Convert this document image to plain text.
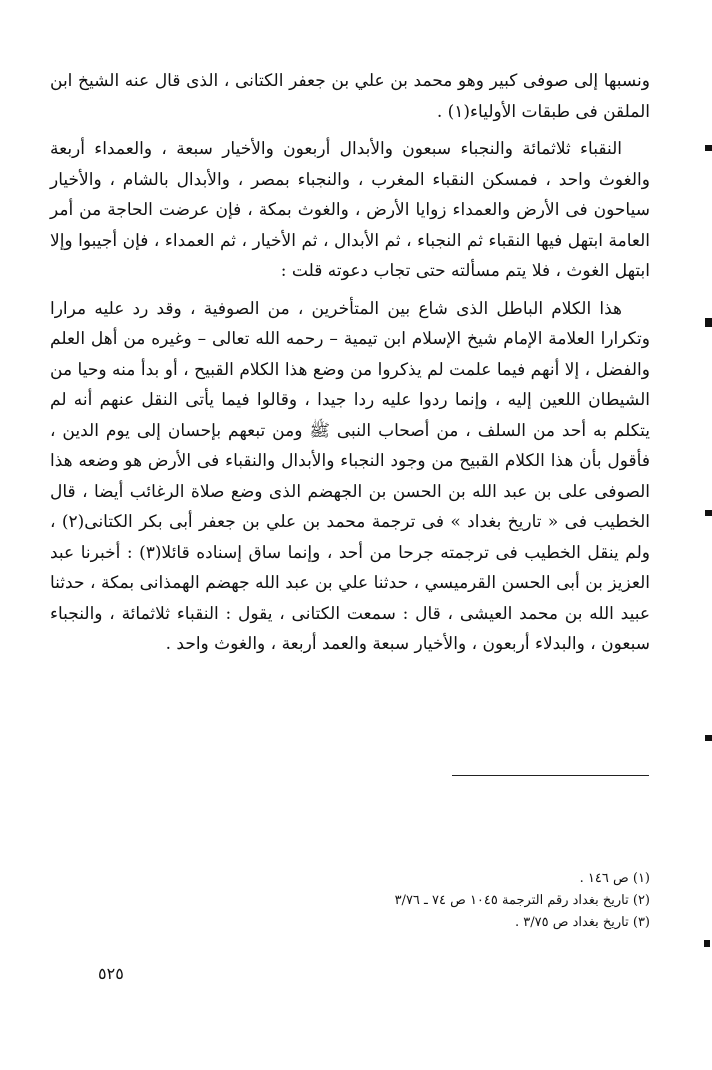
ونسبها إلى صوفى كبير وهو محمد بن علي بن جعفر الكتانى ، الذى قال عنه الشيخ ابن الملقن فى طبقات الأولياء(١) .

النقباء ثلاثمائة والنجباء سبعون والأبدال أربعون والأخيار سبعة ، والعمداء أربعة والغوث واحد ، فمسكن النقباء المغرب ، والنجباء بمصر ، والأبدال بالشام ، والأخيار سياحون فى الأرض والعمداء زوايا الأرض ، والغوث بمكة ، فإن عرضت الحاجة من أمر العامة ابتهل فيها النقباء ثم النجباء ، ثم الأبدال ، ثم الأخيار ، ثم العمداء ، فإن أجيبوا وإلا ابتهل الغوث ، فلا يتم مسألته حتى تجاب دعوته قلت :

هذا الكلام الباطل الذى شاع بين المتأخرين ، من الصوفية ، وقد رد عليه مرارا وتكرارا العلامة الإمام شيخ الإسلام ابن تيمية – رحمه الله تعالى – وغيره من أهل العلم والفضل ، إلا أنهم فيما علمت لم يذكروا من وضع هذا الكلام القبيح ، أو بدأ منه وحيا من الشيطان اللعين إليه ، وإنما ردوا عليه ردا جيدا ، وقالوا فيما يأتى النقل عنهم أنه لم يتكلم به أحد من السلف ، من أصحاب النبى ﷺ ومن تبعهم بإحسان إلى يوم الدين ، فأقول بأن هذا الكلام القبيح من وجود النجباء والأبدال والنقباء فى الأرض هو وضعه هذا الصوفى على بن عبد الله بن الحسن بن الجهضم الذى وضع صلاة الرغائب أيضا ، قال الخطيب فى « تاريخ بغداد » فى ترجمة محمد بن علي بن جعفر أبى بكر الكتانى(٢) ، ولم ينقل الخطيب فى ترجمته جرحا من أحد ، وإنما ساق إسناده قائلا(٣) : أخبرنا عبد العزيز بن أبى الحسن القرميسي ، حدثنا علي بن عبد الله جهضم الهمذانى بمكة ، حدثنا عبيد الله بن محمد العيشى ، قال : سمعت الكتانى ، يقول : النقباء ثلاثمائة ، والنجباء سبعون ، والبدلاء أربعون ، والأخيار سبعة والعمد أربعة ، والغوث واحد .

(١) ص ١٤٦ .
(٢) تاريخ بغداد رقم الترجمة ١٠٤٥ ص ٧٤ ـ ٣/٧٦
(٣) تاريخ بغداد ص ٣/٧٥ .
٥٢٥
